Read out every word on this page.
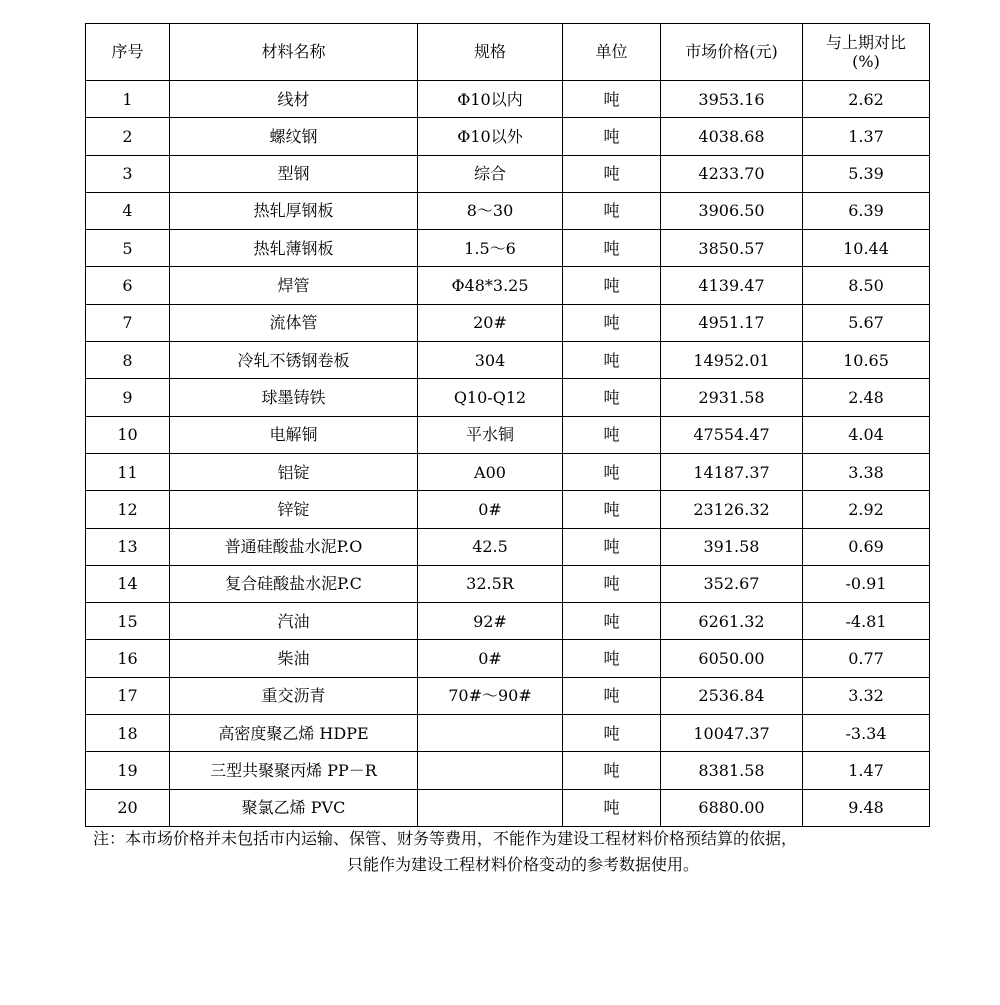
序号	材料名称	规格	单位	市场价格(元)	与上期对比
(%)

1	线材	Φ10以内	吨	3953.16	2.62
2	螺纹钢	Φ10以外	吨	4038.68	1.37
3	型钢	综合	吨	4233.70	5.39
4	热轧厚钢板	8～30	吨	3906.50	6.39
5	热轧薄钢板	1.5～6	吨	3850.57	10.44
6	焊管	Φ48*3.25	吨	4139.47	8.50
7	流体管	20#	吨	4951.17	5.67
8	冷轧不锈钢卷板	304	吨	14952.01	10.65
9	球墨铸铁	Q10-Q12	吨	2931.58	2.48
10	电解铜	平水铜	吨	47554.47	4.04
11	铝锭	A00	吨	14187.37	3.38
12	锌锭	0#	吨	23126.32	2.92
13	普通硅酸盐水泥P.O	42.5	吨	391.58	0.69
14	复合硅酸盐水泥P.C	32.5R	吨	352.67	-0.91
15	汽油	92#	吨	6261.32	-4.81
16	柴油	0#	吨	6050.00	0.77
17	重交沥青	70#～90#	吨	2536.84	3.32
18	高密度聚乙烯 HDPE		吨	10047.37	-3.34
19	三型共聚聚丙烯 PP－R		吨	8381.58	1.47
20	聚氯乙烯 PVC		吨	6880.00	9.48
注：本市场价格并未包括市内运输、保管、财务等费用，不能作为建设工程材料价格预结算的依据，
只能作为建设工程材料价格变动的参考数据使用。
